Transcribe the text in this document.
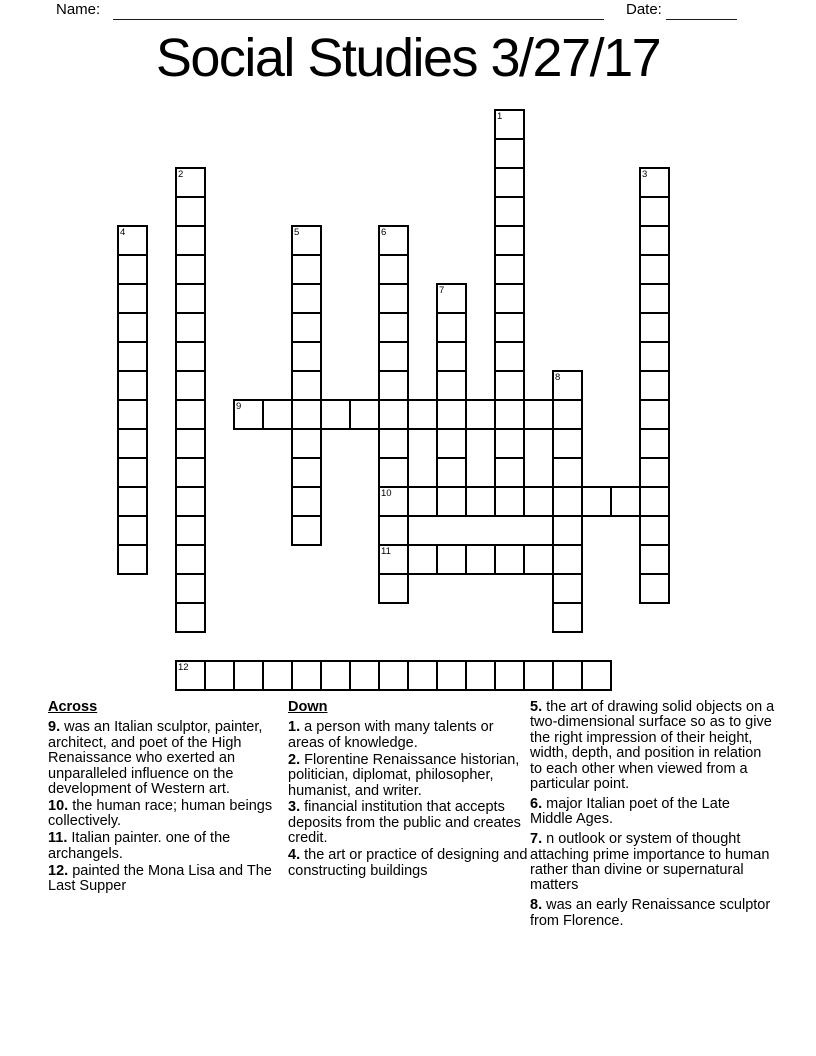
Name:	Date:
Social Studies 3/27/17
1
2	3
4	5	6
10
11
7
8
9
12
Across

9. was an Italian sculptor, painter, architect, and poet of the High Renaissance who exerted an unparalleled influence on the development of Western art.

10. the human race; human beings collectively.

11. Italian painter. one of the archangels.

12. painted the Mona Lisa and The Last Supper

Down

1. a person with many talents or areas of knowledge.

2. Florentine Renaissance historian, politician, diplomat, philosopher, humanist, and writer.

3. financial institution that accepts deposits from the public and creates credit.

4. the art or practice of designing and constructing buildings

5. the art of drawing solid objects on a two-dimensional surface so as to give the right impression of their height, width, depth, and position in relation to each other when viewed from a particular point.

6. major Italian poet of the Late Middle Ages.

7. n outlook or system of thought attaching prime importance to human rather than divine or supernatural matters

8. was an early Renaissance sculptor from Florence.
